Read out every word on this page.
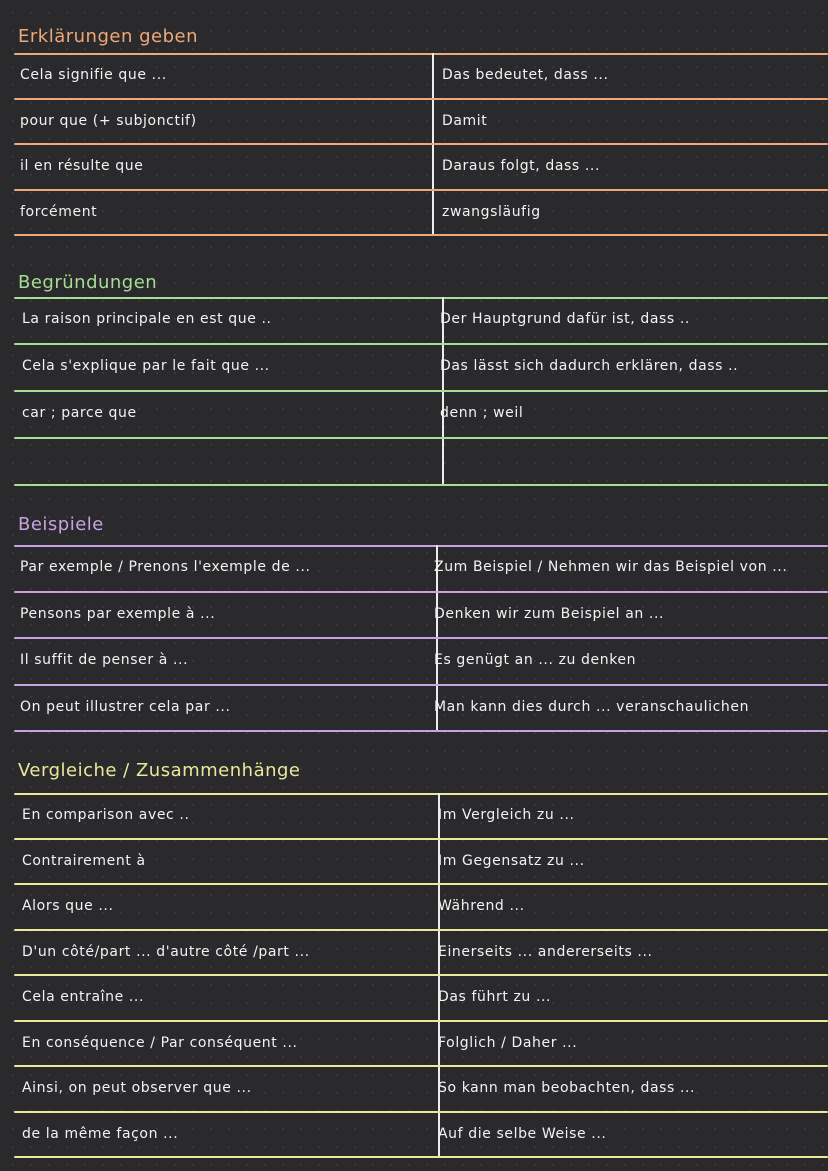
Erklärungen geben
Cela signifie que ...	Das bedeutet, dass ...
pour que (+ subjonctif)	Damit
il en résulte que	Daraus folgt, dass ...
forcément	zwangsläufig
Begründungen
La raison principale en est que ..	Der Hauptgrund dafür ist, dass ..
Cela s'explique par le fait que ...	Das lässt sich dadurch erklären, dass ..
car ; parce que	denn ; weil
Beispiele
Par exemple / Prenons l'exemple de ...	Zum Beispiel / Nehmen wir das Beispiel von ...
Pensons par exemple à ...	Denken wir zum Beispiel an ...
Il suffit de penser à ...	Es genügt an ... zu denken
On peut illustrer cela par ...	Man kann dies durch ... veranschaulichen
Vergleiche / Zusammenhänge
En comparison avec ..	Im Vergleich zu ...
Contrairement à	Im Gegensatz zu ...
Alors que ...	Während ...
D'un côté/part ... d'autre côté /part ...	Einerseits ... andererseits ...
Cela entraîne ...	Das führt zu ...
En conséquence / Par conséquent ...	Folglich / Daher ...
Ainsi, on peut observer que ...	So kann man beobachten, dass ...
de la même façon ...	Auf die selbe Weise ...
